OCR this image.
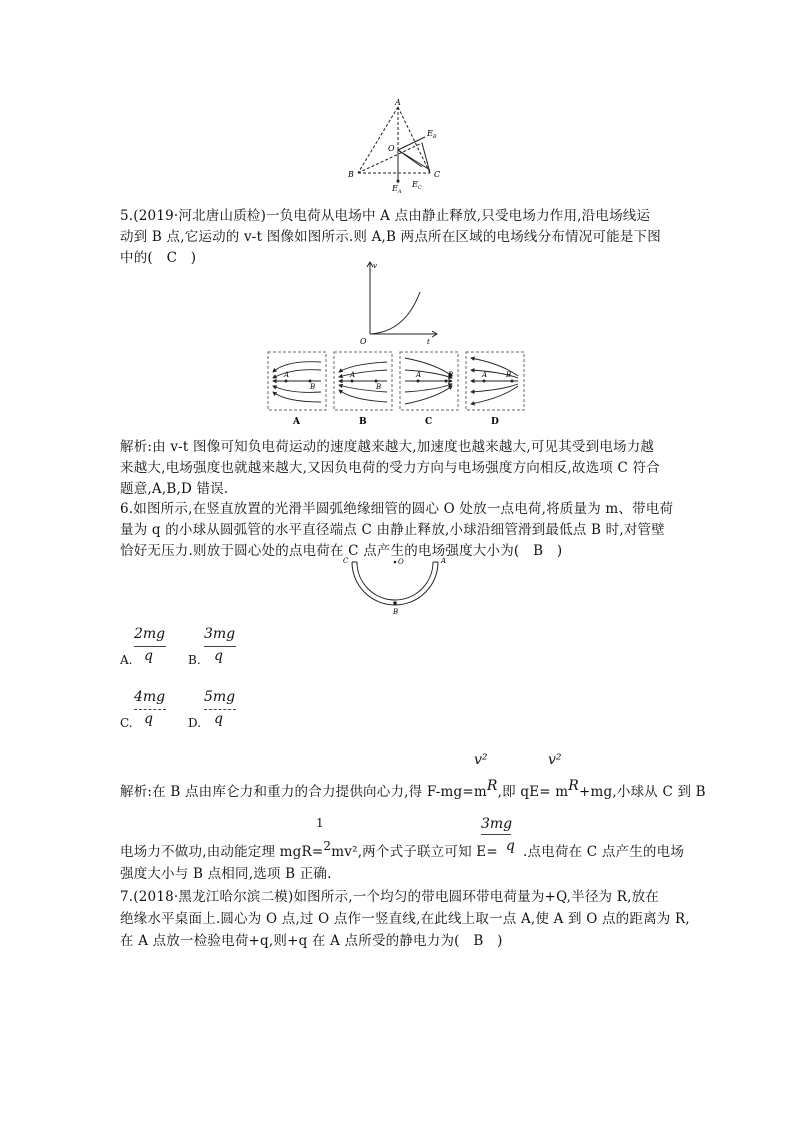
A
B	C
O
$E_B$
$E_A$
$E_C$
5.(2019·河北唐山质检)一负电荷从电场中 A 点由静止释放,只受电场力作用,沿电场线运
动到 B 点,它运动的 v-t 图像如图所示.则 A,B 两点所在区域的电场线分布情况可能是下图
中的(　C　)	v
O	t
A
B
A
B
A	B	A	B
A	B	C	D
解析:由 v-t 图像可知负电荷运动的速度越来越大,加速度也越来越大,可见其受到电场力越
来越大,电场强度也就越来越大,又因负电荷的受力方向与电场强度方向相反,故选项 C 符合
题意,A,B,D 错误.
6.如图所示,在竖直放置的光滑半圆弧绝缘细管的圆心 O 处放一点电荷,将质量为 m、带电荷
量为 q 的小球从圆弧管的水平直径端点 C 由静止释放,小球沿细管滑到最低点 B 时,对管壁
恰好无压力.则放于圆心处的点电荷在 C 点产生的电场强度大小为(　B　)
C	O	A
B
A.
2mg
q	B.
3mg
q
C.
4mg
q	D.
5mg
q
v²	v²
解析:在 B 点由库仑力和重力的合力提供向心力,得 F-mg=mR,即 qE= mR+mg,小球从 C 到 B
1	3mg
电场力不做功,由动能定理 mgR=2mv²,两个式子联立可知 E= q .点电荷在 C 点产生的电场
强度大小与 B 点相同,选项 B 正确.
7.(2018·黑龙江哈尔滨二模)如图所示,一个均匀的带电圆环带电荷量为+Q,半径为 R,放在
绝缘水平桌面上.圆心为 O 点,过 O 点作一竖直线,在此线上取一点 A,使 A 到 O 点的距离为 R,
在 A 点放一检验电荷+q,则+q 在 A 点所受的静电力为(　B　)
